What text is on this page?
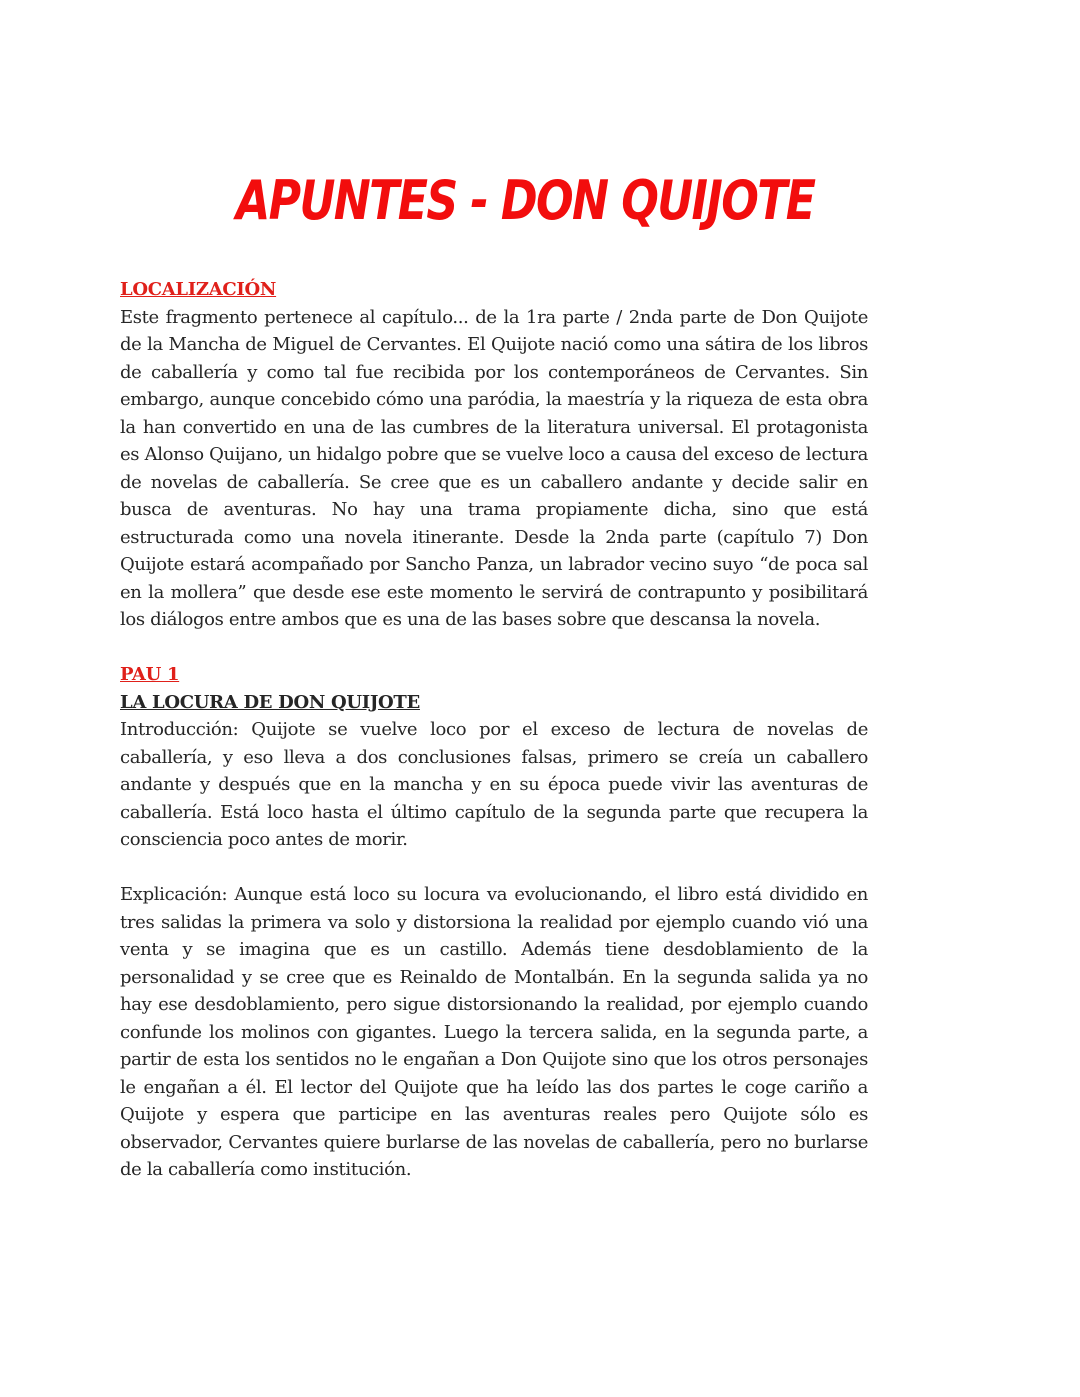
APUNTES - DON QUIJOTE
LOCALIZACIÓN

Este fragmento pertenece al capítulo... de la 1ra parte / 2nda parte de Don Quijote de la Mancha de Miguel de Cervantes. El Quijote nació como una sátira de los libros de caballería y como tal fue recibida por los contemporáneos de Cervantes. Sin embargo, aunque concebido cómo una paródia, la maestría y la riqueza de esta obra la han convertido en una de las cumbres de la literatura universal. El protagonista es Alonso Quijano, un hidalgo pobre que se vuelve loco a causa del exceso de lectura de novelas de caballería. Se cree que es un caballero andante y decide salir en busca de aventuras. No hay una trama propiamente dicha, sino que está estructurada como una novela itinerante. Desde la 2nda parte (capítulo 7) Don Quijote estará acompañado por Sancho Panza, un labrador vecino suyo “de poca sal en la mollera” que desde ese este momento le servirá de contrapunto y posibilitará los diálogos entre ambos que es una de las bases sobre que descansa la novela.

PAU 1
LA LOCURA DE DON QUIJOTE

Introducción: Quijote se vuelve loco por el exceso de lectura de novelas de caballería, y eso lleva a dos conclusiones falsas, primero se creía un caballero andante y después que en la mancha y en su época puede vivir las aventuras de caballería. Está loco hasta el último capítulo de la segunda parte que recupera la consciencia poco antes de morir.

Explicación: Aunque está loco su locura va evolucionando, el libro está dividido en tres salidas la primera va solo y distorsiona la realidad por ejemplo cuando vió una venta y se imagina que es un castillo. Además tiene desdoblamiento de la personalidad y se cree que es Reinaldo de Montalbán. En la segunda salida ya no hay ese desdoblamiento, pero sigue distorsionando la realidad, por ejemplo cuando confunde los molinos con gigantes. Luego la tercera salida, en la segunda parte, a partir de esta los sentidos no le engañan a Don Quijote sino que los otros personajes le engañan a él. El lector del Quijote que ha leído las dos partes le coge cariño a Quijote y espera que participe en las aventuras reales pero Quijote sólo es observador, Cervantes quiere burlarse de las novelas de caballería, pero no burlarse de la caballería como institución.
